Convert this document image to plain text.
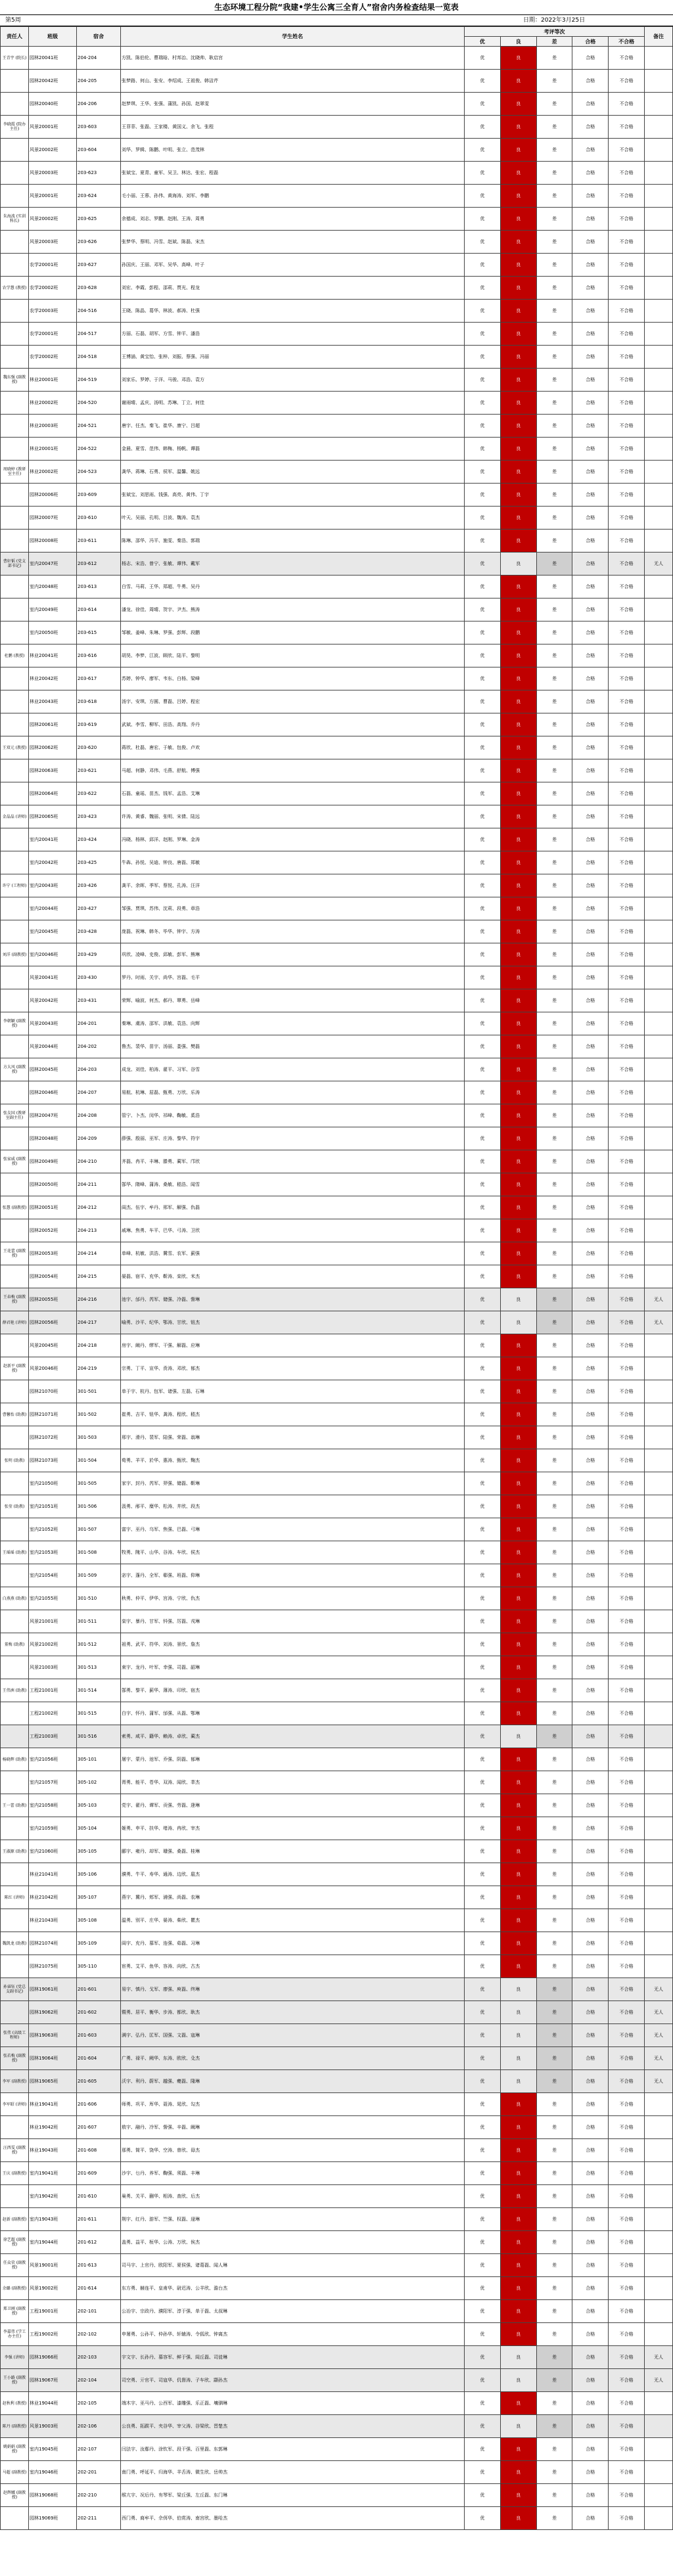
生态环境工程分院“我建•学生公寓三全育人”宿舍内务检查结果一览表
第5周	日期：2022年3月25日
责任人	班级	宿舍	学生姓名	考评等次					备注
				优	良	差	合格	不合格	
王青宇 (院长)	园林20041班	204-204	方凯、陈伯伦、曹瑞晗、村邦治、沈晓帅、耿启宫	优	良	差	合格	不合格	
	园林20042班	204-205	张梦路、何山、张安、李绍成、王祖俊、韩洁芹	优	良	差	合格	不合格	
	园林20040班	204-206	赵梦琪、王华、张强、蒲凯、孙国、赵翠雯	优	良	差	合格	不合格	
李晓霞 (院办主任)	风景20001班	203-603	王菲菲、张磊、王家楼、黄国义、余飞、张程	优	良	差	合格	不合格	
	风景20002班	203-604	刘华、罗辑、陈鹏、叶明、张立、范茂林	优	良	差	合格	不合格	
	风景20003班	203-623	张斌宝、夏青、童军、吴卫、林达、张宏、程磊	优	良	差	合格	不合格	
	风景20001班	203-624	毛小丽、王蓉、孙伟、黄海涛、刘军、李鹏	优	良	差	合格	不合格	
朱海波 (实训科长)	风景20002班	203-625	余德成、刘志、罗鹏、赵刚、王涛、周勇	优	良	差	合格	不合格	
	风景20003班	203-626	张梦华、蔡明、冯雪、赵斌、陈磊、宋杰	优	良	差	合格	不合格	
	农学20001班	203-627	孙国庆、王丽、邓军、吴华、高峰、叶子	优	良	差	合格	不合格	
农学慧 (教授)	农学20002班	203-628	刘宏、李霞、彭程、邵莉、贾光、程龙	优	良	差	合格	不合格	
	农学20003班	204-516	王晓、陈晶、葛华、林波、郝涛、杜强	优	良	差	合格	不合格	
	农学20001班	204-517	方丽、石磊、胡军、方雪、钟平、潘浩	优	良	差	合格	不合格	
	农学20002班	204-518	王博涵、黄宝怡、张梓、刘振、蔡强、冯丽	优	良	差	合格	不合格	
魏东强 (副教授)	林业20001班	204-519	刘家乐、罗婷、于洋、马骏、邓浩、袁方	优	良	差	合格	不合格	
	林业20002班	204-520	谢雨晴、孟庆、汤明、苏琳、丁立、何佳	优	良	差	合格	不合格	
	林业20003班	204-521	唐宇、任杰、秦飞、崔华、康宁、吕超	优	良	差	合格	不合格	
	林业20001班	204-522	金晨、夏雪、范伟、韩梅、杨帆、谭磊	优	良	差	合格	不合格	
周晓婷 (教研室主任)	林业20002班	204-523	龚华、蒋琳、石勇、侯军、温馨、姚远	优	良	差	合格	不合格	
	园林20006班	203-609	张斌宝、刘思雨、钱强、高亮、黄伟、丁宇	优	良	差	合格	不合格	
	园林20007班	203-610	叶天、吴丽、孔明、吕波、魏涛、袁杰	优	良	差	合格	不合格	
	园林20008班	203-611	陈琳、邵华、冯平、施雯、秦浩、郭瑞	优	良	差	合格	不合格	
曹轩韬 (党支部书记)	室内20047班	203-612	杨志、宋浩、曾宁、张敏、谭伟、戴军	优	良	差	合格	不合格	无人
	室内20048班	203-613	白雪、马莉、王华、郑超、牛勇、吴丹	优	良	差	合格	不合格	
	室内20049班	203-614	潘龙、徐佳、周晴、贺宇、尹杰、熊涛	优	良	差	合格	不合格	
	室内20050班	203-615	邹敏、姜峰、朱琳、罗强、彭辉、段鹏	优	良	差	合格	不合格	
杜鹏 (教授)	林业20041班	203-616	胡昊、李梦、江波、顾欣、陆平、黎明	优	良	差	合格	不合格	
	林业20042班	203-617	苏婷、钟华、廖军、韦东、白杨、梁峰	优	良	差	合格	不合格	
	林业20043班	203-618	汤宇、安琪、方圆、曹磊、吕婷、程宏	优	良	差	合格	不合格	
	园林20061班	203-619	武斌、李雪、柳军、田浩、高翔、乔丹	优	良	差	合格	不合格	
王双元 (教授)	园林20062班	203-620	蒋欣、杜磊、唐宏、于敏、包俊、卢欢	优	良	差	合格	不合格	
	园林20063班	203-621	马超、何静、邓伟、毛燕、舒航、傅强	优	良	差	合格	不合格	
	园林20064班	203-622	石磊、童瑶、苗杰、钱军、孟浩、艾琳	优	良	差	合格	不合格	
金晶晶 (讲师)	园林20065班	203-423	许涛、黄睿、魏丽、张明、宋倩、陆远	优	良	差	合格	不合格	
	室内20041班	203-424	冯晓、杨林、邱洋、赵刚、罗琳、金涛	优	良	差	合格	不合格	
	室内20042班	203-425	牛犇、孙悦、吴迪、钟良、唐磊、郑敏	优	良	差	合格	不合格	
许宁 (工程师)	室内20043班	203-426	龚平、余晖、季军、蔡悦、孔涛、汪洋	优	良	差	合格	不合格	
	室内20044班	203-427	邹强、贾琪、苏伟、沈莉、段勇、章浩	优	良	差	合格	不合格	
	室内20045班	203-428	庞磊、祝琳、韩冬、毕华、钟宇、方涛	优	良	差	合格	不合格	
刘洋 (副教授)	室内20046班	203-429	巩欣、凌峰、史俊、邱敏、彭军、熊琳	优	良	差	合格	不合格	
	风景20041班	203-430	罗丹、时雨、关宇、尚华、宫磊、毛平	优	良	差	合格	不合格	
	风景20042班	203-431	荣辉、喻波、何杰、郝丹、覃勇、岳峰	优	良	差	合格	不合格	
李朝颖 (副教授)	风景20043班	204-201	秦琳、虞涛、邵军、洪敏、袁浩、向辉	优	良	差	合格	不合格	
	风景20044班	204-202	鲁杰、裴华、苗宇、汤丽、娄强、樊磊	优	良	差	合格	不合格	
方大风 (副教授)	园林20045班	204-203	成龙、刘佳、柏涛、翟平、习军、谷雪	优	良	差	合格	不合格	
	园林20046班	204-207	易航、杭琳、屈磊、甄勇、万欣、乐涛	优	良	差	合格	不合格	
张友国 (教研室副主任)	园林20047班	204-208	管宁、卜杰、闵华、祁峰、鞠敏、奚浩	优	良	差	合格	不合格	
	园林20048班	204-209	薛强、殷丽、巫军、庄涛、黎华、符宇	优	良	差	合格	不合格	
张家威 (副教授)	园林20049班	204-210	齐磊、冉平、丰琳、滕勇、蔺军、邝欣	优	良	差	合格	不合格	
	园林20050班	204-211	郜华、隋峰、蒲涛、桑敏、嵇浩、闻雪	优	良	差	合格	不合格	
张慧 (副教授)	园林20051班	204-212	阎杰、伍宇、牟丹、邢军、解强、仇磊	优	良	差	合格	不合格	
	园林20052班	204-213	戚琳、焦勇、车平、巴华、弓涛、卫欣	优	良	差	合格	不合格	
王花蕾 (副教授)	园林20053班	204-214	单峰、杭敏、洪浩、冀雪、农军、蓟强	优	良	差	合格	不合格	
	园林20054班	204-215	晏磊、宿平、充华、靳涛、栾欣、米杰	优	良	差	合格	不合格	
王春梅 (副教授)	园林20055班	204-216	池宇、邰丹、芮军、储强、冷磊、訾琳	优	良	差	合格	不合格	无人
薛君艳 (讲师)	园林20056班	204-217	喻勇、沙平、纪华、鄂涛、甘欣、钮杰	优	良	差	合格	不合格	无人
	风景20045班	204-218	房宇、阚丹、缪军、干强、解磊、应琳	优	良	差	合格	不合格	
赵新平 (副教授)	风景20046班	204-219	宗勇、丁平、宣华、贲涛、邓欣、郁杰	优	良	差	合格	不合格	
	园林21070班	301-501	单于宇、杭丹、包军、诸强、左磊、石琳	优	良	差	合格	不合格	
曹馨怡 (助教)	园林21071班	301-502	崔勇、吉平、钮华、龚涛、程欣、嵇杰	优	良	差	合格	不合格	
	园林21072班	301-503	邢宇、滑丹、裴军、陆强、荣磊、翁琳	优	良	差	合格	不合格	
张明 (助教)	园林21073班	301-504	荀勇、羊平、於华、惠涛、甄欣、麴杰	优	良	差	合格	不合格	
	室内21050班	301-505	家宇、封丹、芮军、羿强、储磊、靳琳	优	良	差	合格	不合格	
张莹 (助教)	室内21051班	301-506	汲勇、邴平、糜华、松涛、井欣、段杰	优	良	差	合格	不合格	
	室内21052班	301-507	富宇、巫丹、乌军、焦强、巴磊、弓琳	优	良	差	合格	不合格	
王瑶瑶 (助教)	室内21053班	301-508	牧勇、隗平、山华、谷涛、车欣、侯杰	优	良	差	合格	不合格	
	室内21054班	301-509	宓宇、蓬丹、全军、郗强、班磊、仰琳	优	良	差	合格	不合格	
白燕燕 (助教)	室内21055班	301-510	秋勇、仲平、伊华、宫涛、宁欣、仇杰	优	良	差	合格	不合格	
	风景21001班	301-511	栾宇、暴丹、甘军、钭强、厉磊、戎琳	优	良	差	合格	不合格	
董梅 (助教)	风景21002班	301-512	祖勇、武平、符华、刘涛、景欣、詹杰	优	良	差	合格	不合格	
	风景21003班	301-513	束宇、龙丹、叶军、幸强、司磊、韶琳	优	良	差	合格	不合格	
王伟洲 (助教)	工程21001班	301-514	郜勇、黎平、蓟华、薄涛、印欣、宿杰	优	良	差	合格	不合格	
	工程21002班	301-515	白宇、怀丹、蒲军、邰强、从磊、鄂琳	优	良	差	合格	不合格	
	工程21003班	301-516	索勇、咸平、籍华、赖涛、卓欣、蔺杰	优	良	差	合格	不合格	
杨晓辉 (助教)	室内21056班	305-101	屠宇、蒙丹、池军、乔强、阴磊、郁琳	优	良	差	合格	不合格	
	室内21057班	305-102	胥勇、能平、苍华、双涛、闻欣、莘杰	优	良	差	合格	不合格	
王一蕾 (助教)	室内21058班	305-103	党宇、翟丹、谭军、贡强、劳磊、逄琳	优	良	差	合格	不合格	
	室内21059班	305-104	姬勇、申平、扶华、堵涛、冉欣、宰杰	优	良	差	合格	不合格	
王淑源 (助教)	室内21060班	305-105	郦宇、雍丹、却军、璩强、桑磊、桂琳	优	良	差	合格	不合格	
	林业21041班	305-106	濮勇、牛平、寿华、通涛、边欣、扈杰	优	良	差	合格	不合格	
陈红 (讲师)	林业21042班	305-107	燕宇、冀丹、郏军、浦强、尚磊、农琳	优	良	差	合格	不合格	
	林业21043班	305-108	温勇、别平、庄华、晏涛、柴欣、瞿杰	优	良	差	合格	不合格	
魏凯龙 (助教)	园林21074班	305-109	阎宇、充丹、慕军、连强、茹磊、习琳	优	良	差	合格	不合格	
	园林21075班	305-110	宦勇、艾平、鱼华、容涛、向欣、古杰	优	良	差	合格	不合格	
孙睿钰 (党总支副书记)	园林19061班	201-601	易宇、慎丹、戈军、廖强、庾磊、终琳	优	良	差	合格	不合格	无人
	园林19062班	201-602	暨勇、居平、衡华、步涛、都欣、耿杰	优	良	差	合格	不合格	无人
张伟 (高级工程师)	园林19063班	201-603	满宇、弘丹、匡军、国强、文磊、寇琳	优	良	差	合格	不合格	无人
张若梅 (副教授)	园林19064班	201-604	广勇、禄平、阙华、东涛、欧欣、殳杰	优	良	差	合格	不合格	无人
李军 (副教授)	园林19065班	201-605	沃宇、利丹、蔚军、越强、夔磊、隆琳	优	良	差	合格	不合格	无人
李军昭 (讲师)	林业19041班	201-606	师勇、巩平、厍华、聂涛、晁欣、勾杰	优	良	差	合格	不合格	
	林业19042班	201-607	敖宇、融丹、冷军、訾强、辛磊、阚琳	优	良	差	合格	不合格	
汪西雯 (副教授)	林业19043班	201-608	那勇、简平、饶华、空涛、曾欣、毋杰	优	良	差	合格	不合格	
王庆 (副教授)	室内19041班	201-609	沙宇、乜丹、养军、鞠强、须磊、丰琳	优	良	差	合格	不合格	
	室内19042班	201-610	巢勇、关平、蒯华、相涛、查欣、后杰	优	良	差	合格	不合格	
赵新 (副教授)	室内19043班	201-611	荆宇、红丹、游军、竺强、权磊、逯琳	优	良	差	合格	不合格	
徐艺超 (副教授)	室内19044班	201-612	盖勇、益平、桓华、公涛、万欣、俟杰	优	良	差	合格	不合格	
任众荣 (副教授)	风景19001班	201-613	司马宇、上官丹、欧阳军、夏侯强、诸葛磊、闻人琳	优	良	差	合格	不合格	
余璐 (副教授)	风景19002班	201-614	东方勇、赫连平、皇甫华、尉迟涛、公羊欣、澹台杰	优	良	差	合格	不合格	
郑卫刚 (副教授)	工程19001班	202-101	公冶宇、宗政丹、濮阳军、淳于强、单于磊、太叔琳	优	良	差	合格	不合格	
李嘉伟 (学工办主任)	工程19002班	202-102	申屠勇、公孙平、仲孙华、轩辕涛、令狐欣、钟离杰	优	良	差	合格	不合格	
李强 (讲师)	园林19066班	202-103	宇文宇、长孙丹、慕容军、鲜于强、闾丘磊、司徒琳	优	良	差	合格	不合格	无人
王小路 (副教授)	园林19067班	202-104	司空勇、亓官平、司寇华、仉督涛、子车欣、颛孙杰	优	良	差	合格	不合格	无人
赵秋利 (教授)	林业19044班	202-105	端木宇、巫马丹、公西军、漆雕强、乐正磊、壤驷琳	优	良	差	合格	不合格	
陈丹 (副教授)	风景19003班	202-106	公良勇、拓跋平、夹谷华、宰父涛、谷梁欣、晋楚杰	优	良	差	合格	不合格	
姚娟娟 (副教授)	室内19045班	202-107	闫法宇、汝鄢丹、涂钦军、段干强、百里磊、东郭琳	优	良	差	合格	不合格	
马超 (副教授)	室内19046班	202-201	南门勇、呼延平、归海华、羊舌涛、微生欣、岳帅杰	优	良	差	合格	不合格	
赵辉娜 (副教授)	园林19068班	202-210	缑亢宇、况后丹、有琴军、梁丘强、左丘磊、东门琳	优	良	差	合格	不合格	
	园林19069班	202-211	西门勇、商牟平、佘佴华、伯赏涛、南宫欣、墨哈杰	优	良	差	合格	不合格	
